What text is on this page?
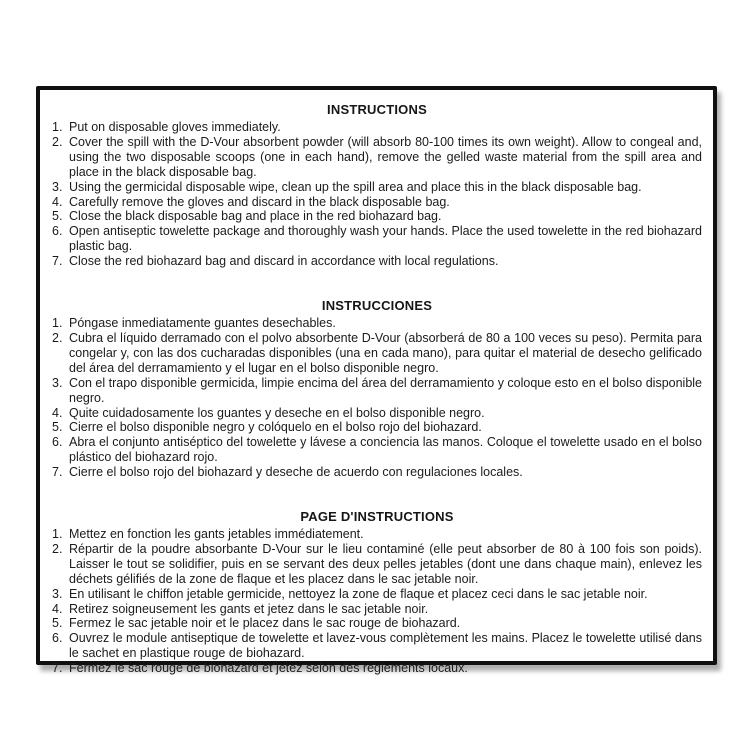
INSTRUCTIONS
1. Put on disposable gloves immediately.
2. Cover the spill with the D-Vour absorbent powder (will absorb 80-100 times its own weight). Allow to congeal and, using the two disposable scoops (one in each hand), remove the gelled waste material from the spill area and place in the black disposable bag.
3. Using the germicidal disposable wipe, clean up the spill area and place this in the black disposable bag.
4. Carefully remove the gloves and discard in the black disposable bag.
5. Close the black disposable bag and place in the red biohazard bag.
6. Open antiseptic towelette package and thoroughly wash your hands. Place the used towelette in the red biohazard plastic bag.
7. Close the red biohazard bag and discard in accordance with local regulations.
INSTRUCCIONES
1. Póngase inmediatamente guantes desechables.
2. Cubra el líquido derramado con el polvo absorbente D-Vour (absorberá de 80 a 100 veces su peso). Permita para congelar y, con las dos cucharadas disponibles (una en cada mano), para quitar el material de desecho gelificado del área del derramamiento y el lugar en el bolso disponible negro.
3. Con el trapo disponible germicida, limpie encima del área del derramamiento y coloque esto en el bolso disponible negro.
4. Quite cuidadosamente los guantes y deseche en el bolso disponible negro.
5. Cierre el bolso disponible negro y colóquelo en el bolso rojo del biohazard.
6. Abra el conjunto antiséptico del towelette y lávese a conciencia las manos. Coloque el towelette usado en el bolso plástico del biohazard rojo.
7. Cierre el bolso rojo del biohazard y deseche de acuerdo con regulaciones locales.
PAGE D'INSTRUCTIONS
1. Mettez en fonction les gants jetables immédiatement.
2. Répartir de la poudre absorbante D-Vour sur le lieu contaminé (elle peut absorber de 80 à 100 fois son poids). Laisser le tout se solidifier, puis en se servant des deux pelles jetables (dont une dans chaque main), enlevez les déchets gélifiés de la zone de flaque et les placez dans le sac jetable noir.
3. En utilisant le chiffon jetable germicide, nettoyez la zone de flaque et placez ceci dans le sac jetable noir.
4. Retirez soigneusement les gants et jetez dans le sac jetable noir.
5. Fermez le sac jetable noir et le placez dans le sac rouge de biohazard.
6. Ouvrez le module antiseptique de towelette et lavez-vous complètement les mains. Placez le towelette utilisé dans le sachet en plastique rouge de biohazard.
7. Fermez le sac rouge de biohazard et jetez selon des règlements locaux.
